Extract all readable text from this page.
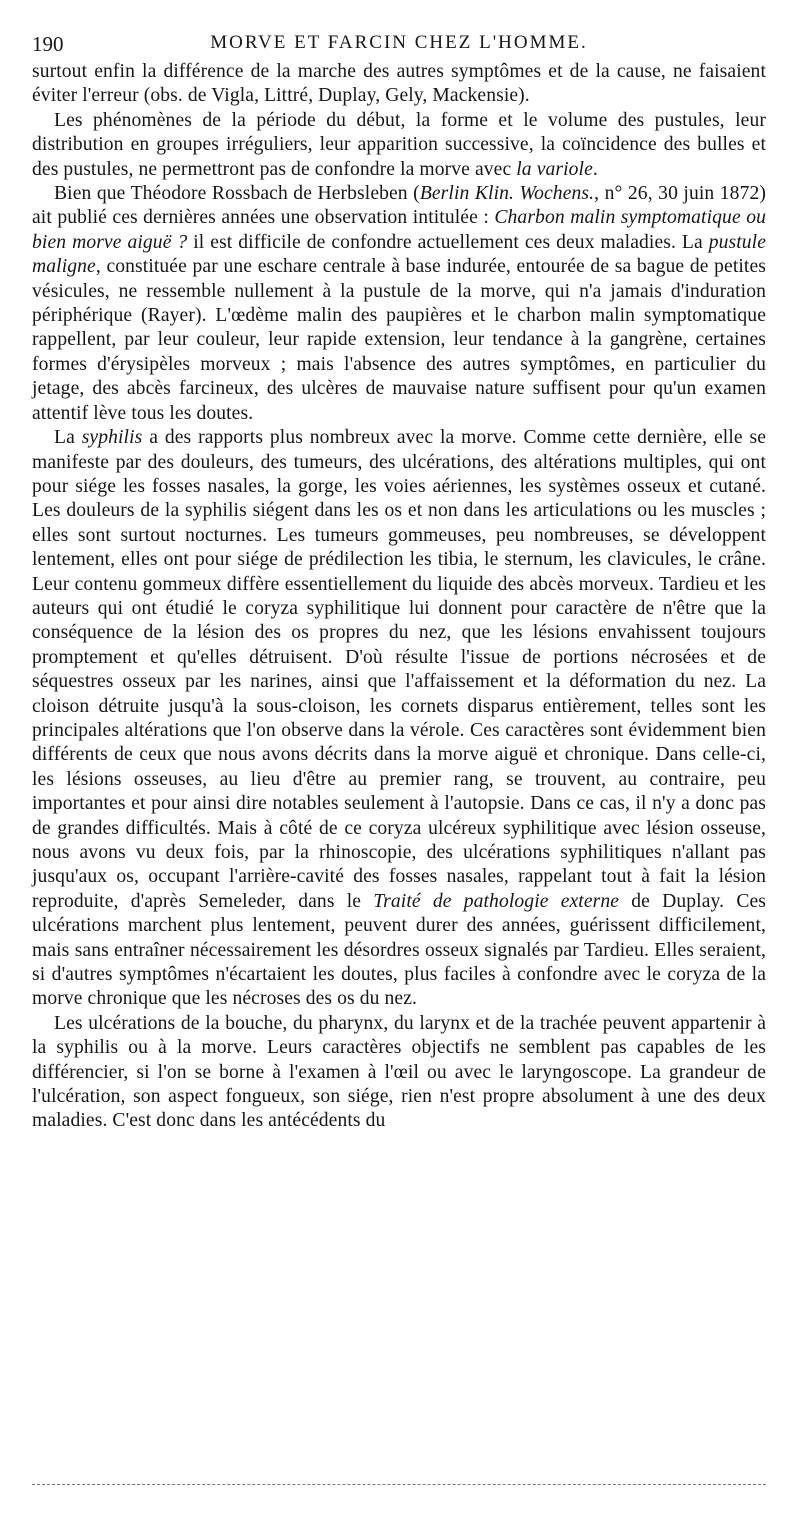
190	MORVE ET FARCIN CHEZ L'HOMME.

surtout enfin la différence de la marche des autres symptômes et de la cause, ne faisaient éviter l'erreur (obs. de Vigla, Littré, Duplay, Gely, Mackensie).

Les phénomènes de la période du début, la forme et le volume des pustules, leur distribution en groupes irréguliers, leur apparition successive, la coïncidence des bulles et des pustules, ne permettront pas de confondre la morve avec la variole.

Bien que Théodore Rossbach de Herbsleben (Berlin Klin. Wochens., n° 26, 30 juin 1872) ait publié ces dernières années une observation intitulée : Charbon malin symptomatique ou bien morve aiguë ? il est difficile de confondre actuellement ces deux maladies. La pustule maligne, constituée par une eschare centrale à base indurée, entourée de sa bague de petites vésicules, ne ressemble nullement à la pustule de la morve, qui n'a jamais d'induration périphérique (Rayer). L'œdème malin des paupières et le charbon malin symptomatique rappellent, par leur couleur, leur rapide extension, leur tendance à la gangrène, certaines formes d'érysipèles morveux ; mais l'absence des autres symptômes, en particulier du jetage, des abcès farcineux, des ulcères de mauvaise nature suffisent pour qu'un examen attentif lève tous les doutes.

La syphilis a des rapports plus nombreux avec la morve. Comme cette dernière, elle se manifeste par des douleurs, des tumeurs, des ulcérations, des altérations multiples, qui ont pour siége les fosses nasales, la gorge, les voies aériennes, les systèmes osseux et cutané. Les douleurs de la syphilis siégent dans les os et non dans les articulations ou les muscles ; elles sont surtout nocturnes. Les tumeurs gommeuses, peu nombreuses, se développent lentement, elles ont pour siége de prédilection les tibia, le sternum, les clavicules, le crâne. Leur contenu gommeux diffère essentiellement du liquide des abcès morveux. Tardieu et les auteurs qui ont étudié le coryza syphilitique lui donnent pour caractère de n'être que la conséquence de la lésion des os propres du nez, que les lésions envahissent toujours promptement et qu'elles détruisent. D'où résulte l'issue de portions nécrosées et de séquestres osseux par les narines, ainsi que l'affaissement et la déformation du nez. La cloison détruite jusqu'à la sous-cloison, les cornets disparus entièrement, telles sont les principales altérations que l'on observe dans la vérole. Ces caractères sont évidemment bien différents de ceux que nous avons décrits dans la morve aiguë et chronique. Dans celle-ci, les lésions osseuses, au lieu d'être au premier rang, se trouvent, au contraire, peu importantes et pour ainsi dire notables seulement à l'autopsie. Dans ce cas, il n'y a donc pas de grandes difficultés. Mais à côté de ce coryza ulcéreux syphilitique avec lésion osseuse, nous avons vu deux fois, par la rhinoscopie, des ulcérations syphilitiques n'allant pas jusqu'aux os, occupant l'arrière-cavité des fosses nasales, rappelant tout à fait la lésion reproduite, d'après Semeleder, dans le Traité de pathologie externe de Duplay. Ces ulcérations marchent plus lentement, peuvent durer des années, guérissent difficilement, mais sans entraîner nécessairement les désordres osseux signalés par Tardieu. Elles seraient, si d'autres symptômes n'écartaient les doutes, plus faciles à confondre avec le coryza de la morve chronique que les nécroses des os du nez.

Les ulcérations de la bouche, du pharynx, du larynx et de la trachée peuvent appartenir à la syphilis ou à la morve. Leurs caractères objectifs ne semblent pas capables de les différencier, si l'on se borne à l'examen à l'œil ou avec le laryngoscope. La grandeur de l'ulcération, son aspect fongueux, son siége, rien n'est propre absolument à une des deux maladies. C'est donc dans les antécédents du
